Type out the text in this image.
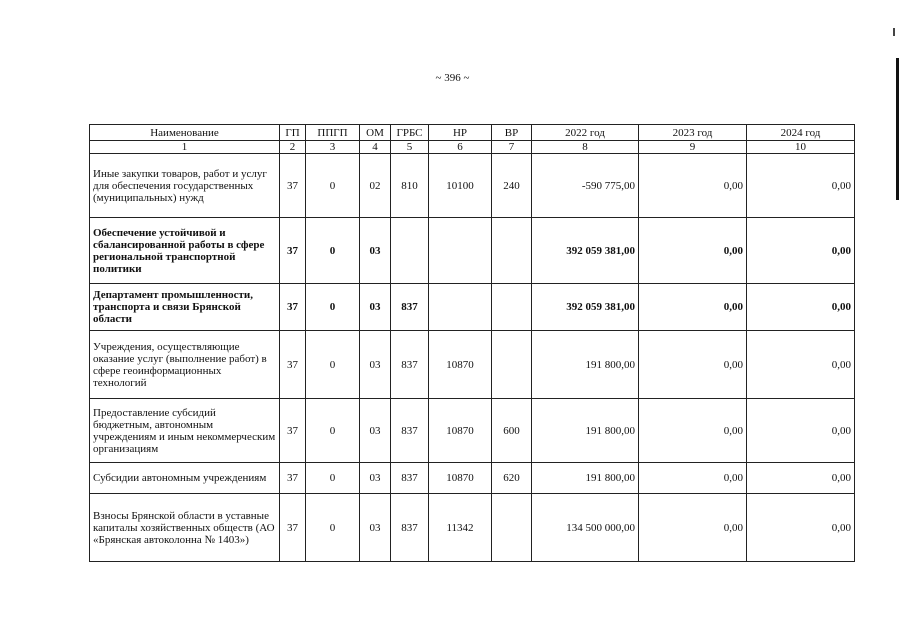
~ 396 ~
Наименование	ГП	ППГП	ОМ	ГРБС	НР	ВР	2022 год	2023 год	2024 год
1	2	3	4	5	6	7	8	9	10
Иные закупки товаров, работ и услуг для обеспечения государственных (муниципальных) нужд	37	0	02	810	10100	240	-590 775,00	0,00	0,00
Обеспечение устойчивой и сбалансированной работы в сфере региональной транспортной политики	37	0	03				392 059 381,00	0,00	0,00
Департамент промышленности, транспорта и связи Брянской области	37	0	03	837			392 059 381,00	0,00	0,00
Учреждения, осуществляющие оказание услуг (выполнение работ) в сфере геоинформационных технологий	37	0	03	837	10870		191 800,00	0,00	0,00
Предоставление субсидий бюджетным, автономным учреждениям и иным некоммерческим организациям	37	0	03	837	10870	600	191 800,00	0,00	0,00
Субсидии автономным учреждениям	37	0	03	837	10870	620	191 800,00	0,00	0,00
Взносы Брянской области в уставные капиталы хозяйственных обществ (АО «Брянская автоколонна № 1403»)	37	0	03	837	11342		134 500 000,00	0,00	0,00
